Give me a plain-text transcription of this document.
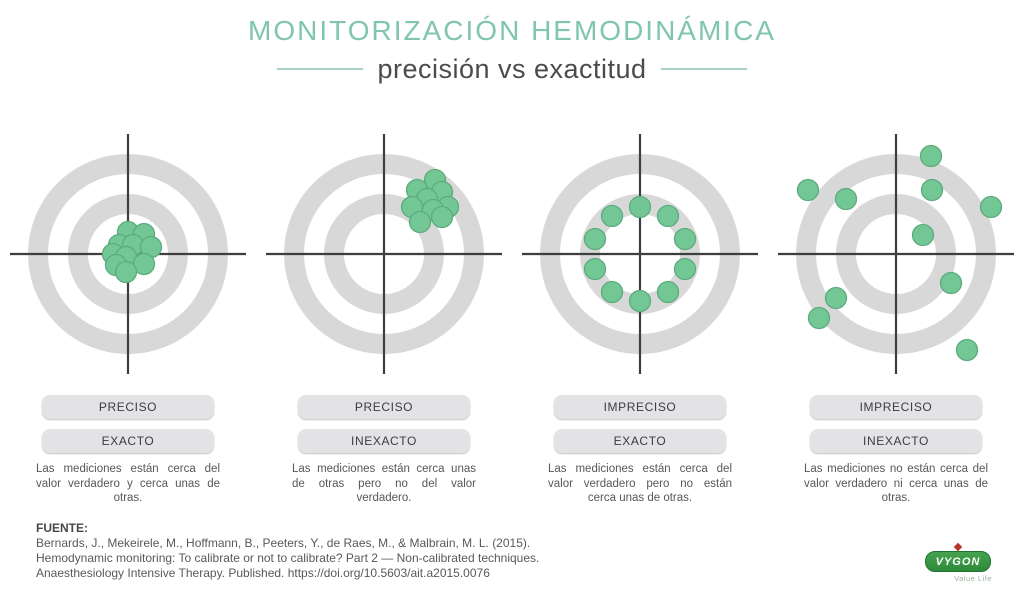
MONITORIZACIÓN HEMODINÁMICA
precisión vs exactitud
PRECISO
EXACTO

Las mediciones están cerca del valor verdadero y cerca unas de otras.

PRECISO
INEXACTO

Las mediciones están cerca unas de otras pero no del valor verdadero.

IMPRECISO
EXACTO

Las mediciones están cerca del valor verdadero pero no están cerca unas de otras.

IMPRECISO
INEXACTO

Las mediciones no están cerca del valor verdadero ni cerca unas de otras.

FUENTE:

Bernards, J., Mekeirele, M., Hoffmann, B., Peeters, Y., de Raes, M., & Malbrain, M. L. (2015).

Hemodynamic monitoring: To calibrate or not to calibrate? Part 2 — Non-calibrated techniques.

Anaesthesiology Intensive Therapy. Published. https://doi.org/10.5603/ait.a2015.0076

VYGON
Value Life
